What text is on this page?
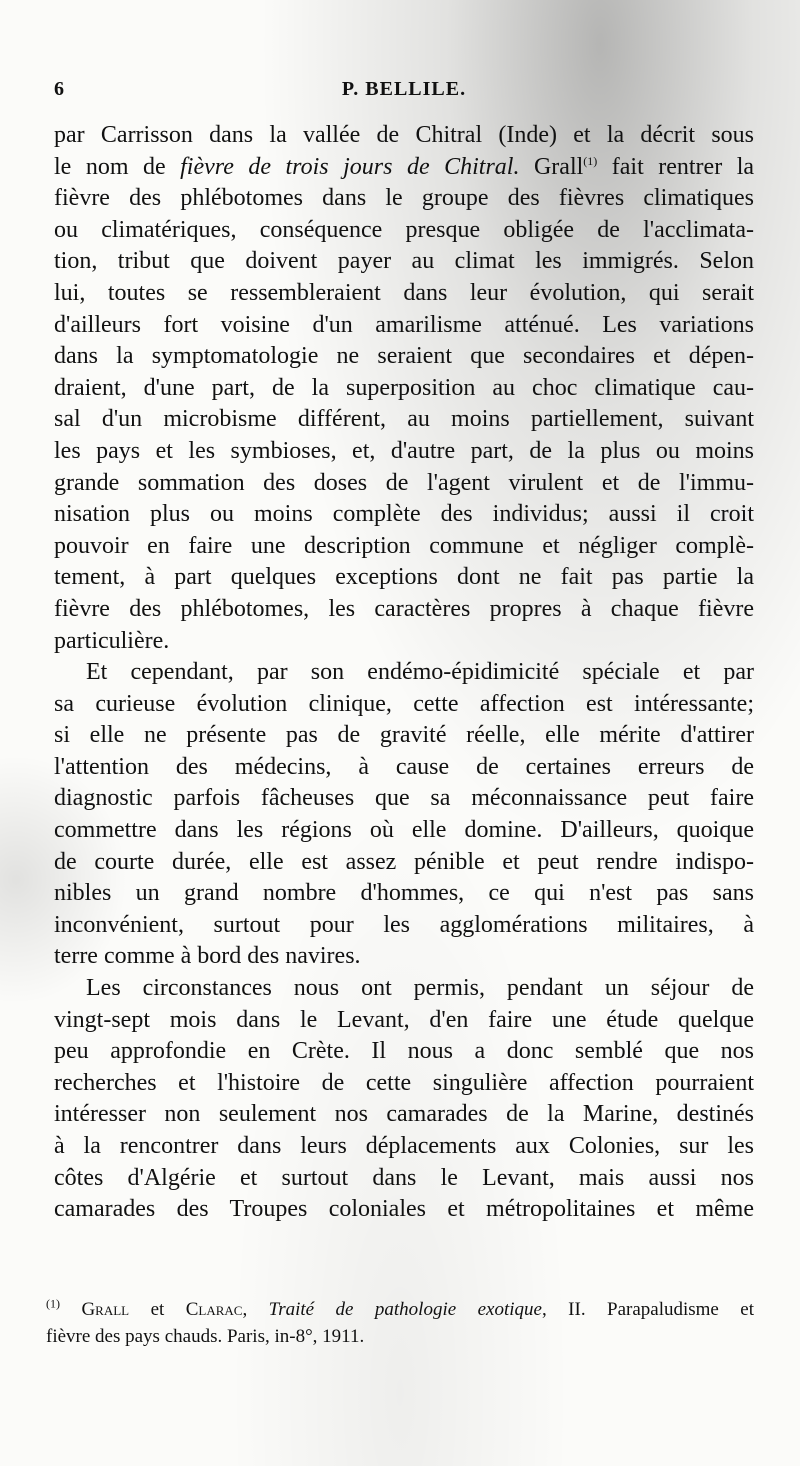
6	P. BELLILE.
par Carrisson dans la vallée de Chitral (Inde) et la décrit sous
le nom de fièvre de trois jours de Chitral. Grall$^{(1)}$ fait rentrer la
fièvre des phlébotomes dans le groupe des fièvres climatiques
ou climatériques, conséquence presque obligée de l'acclimata-
tion, tribut que doivent payer au climat les immigrés. Selon
lui, toutes se ressembleraient dans leur évolution, qui serait
d'ailleurs fort voisine d'un amarilisme atténué. Les variations
dans la symptomatologie ne seraient que secondaires et dépen-
draient, d'une part, de la superposition au choc climatique cau-
sal d'un microbisme différent, au moins partiellement, suivant
les pays et les symbioses, et, d'autre part, de la plus ou moins
grande sommation des doses de l'agent virulent et de l'immu-
nisation plus ou moins complète des individus; aussi il croit
pouvoir en faire une description commune et négliger complè-
tement, à part quelques exceptions dont ne fait pas partie la
fièvre des phlébotomes, les caractères propres à chaque fièvre
particulière.
Et cependant, par son endémo-épidimicité spéciale et par
sa curieuse évolution clinique, cette affection est intéressante;
si elle ne présente pas de gravité réelle, elle mérite d'attirer
l'attention des médecins, à cause de certaines erreurs de
diagnostic parfois fâcheuses que sa méconnaissance peut faire
commettre dans les régions où elle domine. D'ailleurs, quoique
de courte durée, elle est assez pénible et peut rendre indispo-
nibles un grand nombre d'hommes, ce qui n'est pas sans
inconvénient, surtout pour les agglomérations militaires, à
terre comme à bord des navires.
Les circonstances nous ont permis, pendant un séjour de
vingt-sept mois dans le Levant, d'en faire une étude quelque
peu approfondie en Crète. Il nous a donc semblé que nos
recherches et l'histoire de cette singulière affection pourraient
intéresser non seulement nos camarades de la Marine, destinés
à la rencontrer dans leurs déplacements aux Colonies, sur les
côtes d'Algérie et surtout dans le Levant, mais aussi nos
camarades des Troupes coloniales et métropolitaines et même
$^{(1)}$ Grall et Clarac, Traité de pathologie exotique, II. Parapaludisme et
fièvre des pays chauds. Paris, in-8°, 1911.
